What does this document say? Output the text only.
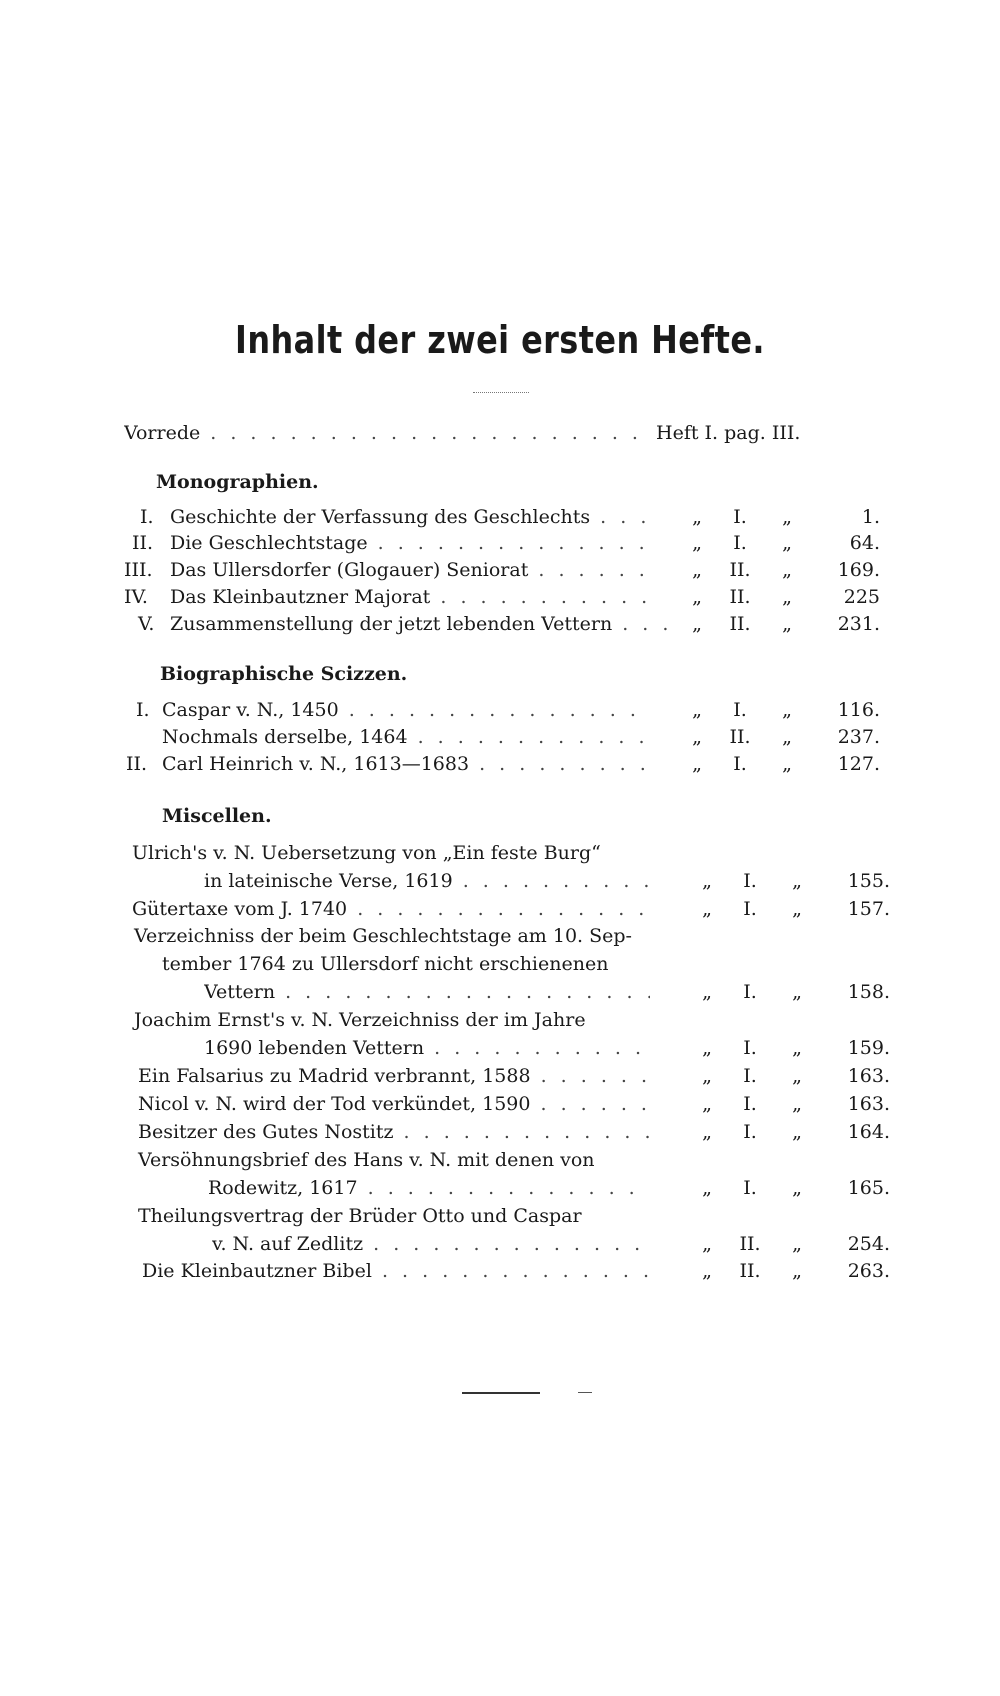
Inhalt der zwei ersten Hefte.
Vorrede . . .	Heft I. pag. III.
Monographien.
I. Geschichte der Verfassung des Geschlechts . . .	„	I.	„	1.
II. Die Geschlechtstage . . .	„	I.	„	64.
III. Das Ullersdorfer (Glogauer) Seniorat . . .	„	II.	„	169.
IV. Das Kleinbautzner Majorat . . .	„	II.	„	225
V. Zusammenstellung der jetzt lebenden Vettern . . .	„	II.	„	231.
Biographische Scizzen.
I. Caspar v. N., 1450 . . .	„	I.	„	116.
Nochmals derselbe, 1464 . . .	„	II.	„	237.
II. Carl Heinrich v. N., 1613—1683 . . .	„	I.	„	127.
Miscellen.
Ulrich's v. N. Uebersetzung von „Ein feste Burg“
in lateinische Verse, 1619 . . .	„	I.	„	155.
Gütertaxe vom J. 1740 . . .	„	I.	„	157.
Verzeichniss der beim Geschlechtstage am 10. Sep-
tember 1764 zu Ullersdorf nicht erschienenen
Vettern . . .	„	I.	„	158.
Joachim Ernst's v. N. Verzeichniss der im Jahre
1690 lebenden Vettern . . .	„	I.	„	159.
Ein Falsarius zu Madrid verbrannt, 1588 . . .	„	I.	„	163.
Nicol v. N. wird der Tod verkündet, 1590 . . .	„	I.	„	163.
Besitzer des Gutes Nostitz . . .	„	I.	„	164.
Versöhnungsbrief des Hans v. N. mit denen von
Rodewitz, 1617 . . .	„	I.	„	165.
Theilungsvertrag der Brüder Otto und Caspar
v. N. auf Zedlitz . . .	„	II.	„	254.
Die Kleinbautzner Bibel . . .	„	II.	„	263.
